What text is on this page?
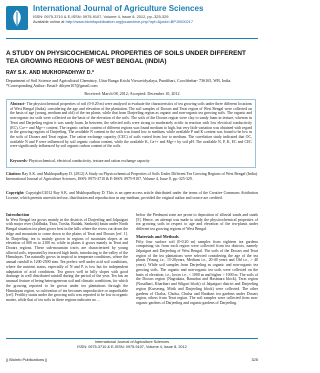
International Journal of Agriculture Sciences
ISSN: 0975-3710 & E-ISSN: 0975-9107, Volume 4, Issue 8, 2012, pp.-325-329.
Available online at http://www.bioinfopublication.org/jouarchive.php?opt=&jouid=BPJ0000217
A STUDY ON PHYSICOCHEMICAL PROPERTIES OF SOILS UNDER DIFFERENT TEA GROWING REGIONS OF WEST BENGAL (INDIA)
RAY S.K. AND MUKHOPADHYAY D.*
Department of Soil Science and Agricultural Chemistry, Uttar Banga Krishi Viswavidyalaya, Pundibari, Coochbehar- 736165, WB, India.
*Corresponding Author: Email- dibyen107@gmail.com
Received: March 08, 2012; Accepted: December 10, 2012
Abstract- The physicochemical properties of soil (0-0.20 m) were analysed to evaluate the characteristics of tea growing soils under three different locations of West Bengal (India), considering the age and elevation of the plantation. The soil samples of Dooars and Terai region of West Bengal were collected on the basis of age (young, medium and old) of the tea plants, while that from Darjeeling region as organic and non-organic tea growing soils. The organic and non-organic tea soils were collected on the basis of the elevation of the soils. The soils of the Dooars region were clay to sandy loam in texture, whereas in Terai and Darjeeling region it was sandy loam. In between, the selected soils were strong to moderately acidic in reaction with low electrical conductivity (EC), Ca++ and Mg++ content. The organic carbon content of different regions was found medium to high, but very little variation was obtained with regard to the growing regions of Darjeeling. The available N content in the soils was found low to medium, while available P and K content was found to be low in the soils of Dooars and Terai region. The cation exchange capacity (CEC) of soils varied from low to medium. The correlation study indicated that OC, available N and P were influenced by soil organic carbon content, while the available K, Ca++ and Mg++ by soil pH. The available N, P, K, EC and CEC were significantly influenced by soil organic carbon content of the soils.
Keywords- Physicochemical, electrical conductivity, texture and cation exchange capacity
Citation: Ray S.K. and Mukhopadhyay D. (2012) A Study on Physicochemical Properties of Soils Under Different Tea Growing Regions of West Bengal (India). International Journal of Agriculture Sciences, ISSN: 0975-3710 & E-ISSN: 0975-9107, Volume 4, Issue 8, pp.-325-329.
Copyright: Copyright©2012 Ray S.K. and Mukhopadhyay D. This is an open-access article distributed under the terms of the Creative Commons Attribution License, which permits unrestricted use, distribution and reproduction in any medium, provided the original author and source are credited.
Introduction

In West Bengal tea grows mainly in the districts of Darjeeling and Jalpaiguri with major river (Jaldhaka, Tista, Torsha, Raidak, Sankosh) basin under North Bengal situation tea plant grows best in the hills where the rivers cut down the ridge and mountain to come down to the plains of Terai and Dooars [ref. 1]. In Darjeeling, tea is mainly grown in regions of mountain slopes at an elevation of 600 m to 2100 m, while in plains it grows mainly in Terai and Dooars regions. These sub-mountain tracts are characterized by young alluvial soils, separated by terraced high lands, introducing to the valley of the Himalayas. Tea naturally grows in tropical to temperate conditions, where the annual rainfall is 1200-2500 mm. Tea prefers well under acid soil conditions, where the nutrient status, especially of N and P, is low but for independent adaptation of acid conditions. Tea grows well in hilly slopes with good drainage in well distributed rainfall during the period of the year. Tea has an unusual feature of being heterogeneous soil and climatic conditions, for which the growing reported to be grown under tea plantations through the Himalayan region, so cultivation of tea becomes unproductive or unprofitable [ref]. Fertility status under the growing soils was reported to be low in organic matter, while that of tea soils in these regions indicates no ...

below the Piedmont zone are prone to deposition of alluvial sands and sands [5]. Hence, an attempt was made to study the physicochemical properties of tea growing soils in respect to age and elevation of the tea-plants under different tea growing regions of West Bengal.

Materials and Methods

Fifty four surface soil (0-0.20 m) samples from eighteen tea gardens comprising six from each region were collected from tea districts, namely Jalpaiguri and Darjeeling of West Bengal. The soils of the Dooars and Terai region of the tea plantations were selected considering the age of the tea plants (Young i.e., 15-20years, Medium i.e., 20-40 years and Old i.e., > 40 years). While soil samples from Darjeeling as organic and non-organic tea growing soils. The organic and non-organic tea soils were collected on the basis of elevation, i.e., lower i.e., < 1000 m and higher > 1000 m. The soils of the Dooars region (Nagrakata, Banarhat and Hasimara block), Terai region (Naxalbari, Kharibari and Siliguri block) of Jalpaiguri district and Darjeeling region (Kurseong, Mirik and Darjeeling block) were collected. The other gardens of Chalsa, Chulsa, Chulsa and Batabari tea gardens under Dooars region, others from Terai region. The soil samples were collected from non-organic gardens of Darjeeling and organic gardens of Darjeeling.

International Journal of Agriculture Sciences
ISSN: 0975-3710 & E-ISSN: 0975-9107, Volume 4, Issue 8, 2012
|| Bioinfo Publications ||	325
